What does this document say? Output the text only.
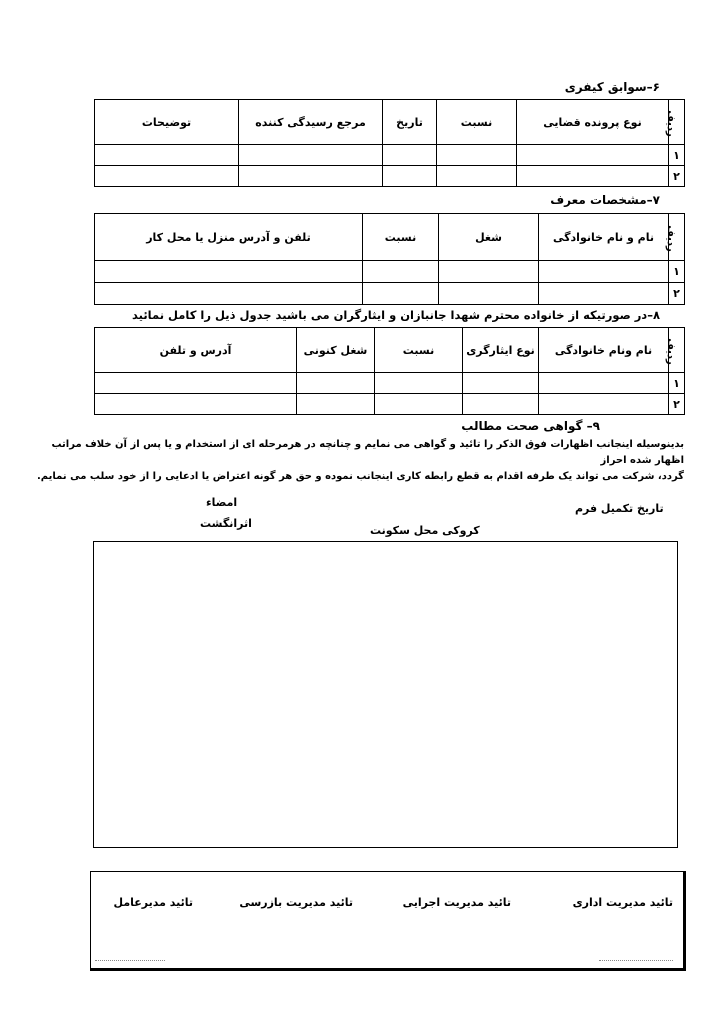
۶–سوابق کیفری
ردیف	نوع پرونده قضایی	نسبت	تاریخ	مرجع رسیدگی کننده	توضیحات
۱					
۲					
۷–مشخصات معرف
ردیف	نام و نام خانوادگی	شغل	نسبت	تلفن و آدرس منزل یا محل کار
۱				
۲				
۸–در صورتیکه از خانواده محترم شهدا جانبازان و ایثارگران می باشید جدول ذیل را کامل نمائید
ردیف	نام ونام خانوادگی	نوع ایثارگری	نسبت	شغل کنونی	آدرس و تلفن
۱					
۲					
۹– گواهی صحت مطالب
بدینوسیله اینجانب اظهارات فوق الذکر را تائید و گواهی می نمایم و چنانچه در هرمرحله ای از استخدام و یا پس از آن خلاف مراتب اظهار شده احراز
گردد، شرکت می تواند یک طرفه اقدام به قطع رابطه کاری اینجانب نموده و حق هر گونه اعتراض یا ادعایی را از خود سلب می نمایم.
تاریخ تکمیل فرم
امضاء
اثرانگشت
کروکی محل سکونت
تائید مدیریت اداری
تائید مدیریت اجرایی
تائید مدیریت بازرسی
تائید مدیرعامل
